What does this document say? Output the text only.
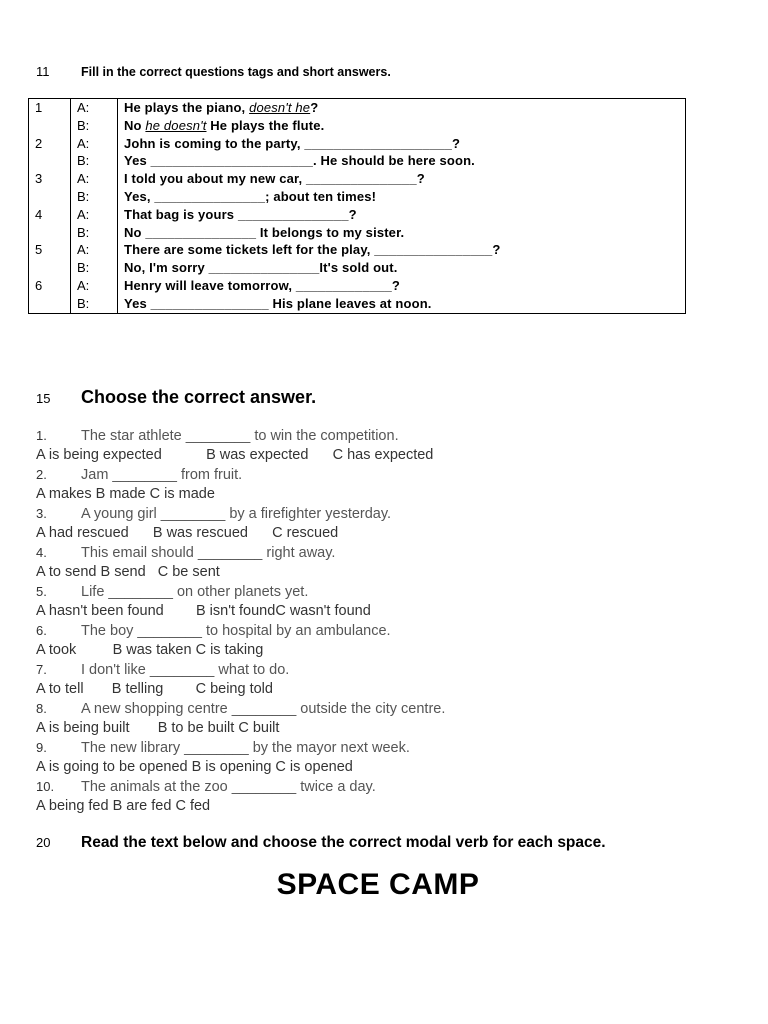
11	Fill in the correct questions tags and short answers.
1	A:	He plays the piano, doesn't he?
	B:	No he doesn't He plays the flute.
2	A:	John is coming to the party, ____________________?
	B:	Yes ______________________. He should be here soon.
3	A:	I told you about my new car, _______________?
	B:	Yes, _______________; about ten times!
4	A:	That bag is yours _______________?
	B:	No _______________ It belongs to my sister.
5	A:	There are some tickets left for the play, ________________?
	B:	No, I'm sorry _______________It's sold out.
6	A:	Henry will leave tomorrow, _____________?
	B:	Yes ________________ His plane leaves at noon.
15	Choose the correct answer.
1. The star athlete ________ to win the competition.
A is being expected           B was expected      C has expected
2. Jam ________ from fruit.
A makes B made C is made
3. A young girl ________ by a firefighter yesterday.
A had rescued      B was rescued      C rescued
4. This email should ________ right away.
A to send B send   C be sent
5. Life ________ on other planets yet.
A hasn't been found        B isn't foundC wasn't found
6. The boy ________ to hospital by an ambulance.
A took         B was taken C is taking
7. I don't like ________ what to do.
A to tell       B telling        C being told
8. A new shopping centre ________ outside the city centre.
A is being built       B to be built C built
9. The new library ________ by the mayor next week.
A is going to be opened B is opening C is opened
10. The animals at the zoo ________ twice a day.
A being fed B are fed C fed
20	Read the text below and choose the correct modal verb for each space.
SPACE CAMP
